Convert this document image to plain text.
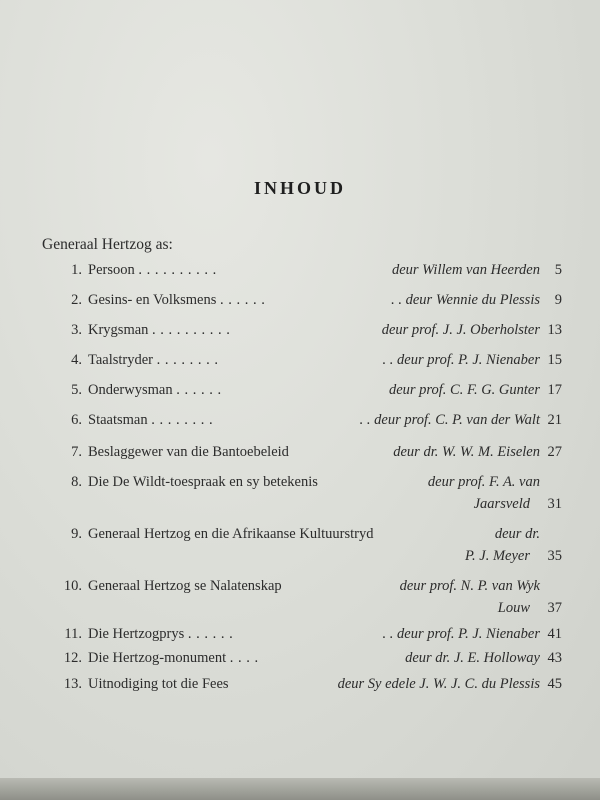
INHOUD
Generaal Hertzog as:
1. Persoon . . . . . . . . . .	deur Willem van Heerden	5
2. Gesins- en Volksmens . . . . . .	. . deur Wennie du Plessis	9
3. Krygsman . . . . . . . . . .	deur prof. J. J. Oberholster 13
4. Taalstryder . . . . . . . .	. . deur prof. P. J. Nienaber 15
5. Onderwysman . . . . . .	deur prof. C. F. G. Gunter 17
6. Staatsman . . . . . . . .	. . deur prof. C. P. van der Walt 21
7. Beslaggewer van die Bantoebeleid	deur dr. W. W. M. Eiselen 27
8. Die De Wildt-toespraak en sy betekenis	deur prof. F. A. van
Jaarsveld	31
9. Generaal Hertzog en die Afrikaanse Kultuurstryd	deur dr.
P. J. Meyer	35
10. Generaal Hertzog se Nalatenskap	deur prof. N. P. van Wyk
Louw	37
11. Die Hertzogprys . . . . . .	. . deur prof. P. J. Nienaber 41
12. Die Hertzog-monument . . . .	deur dr. J. E. Holloway 43
13. Uitnodiging tot die Fees	deur Sy edele J. W. J. C. du Plessis 45
